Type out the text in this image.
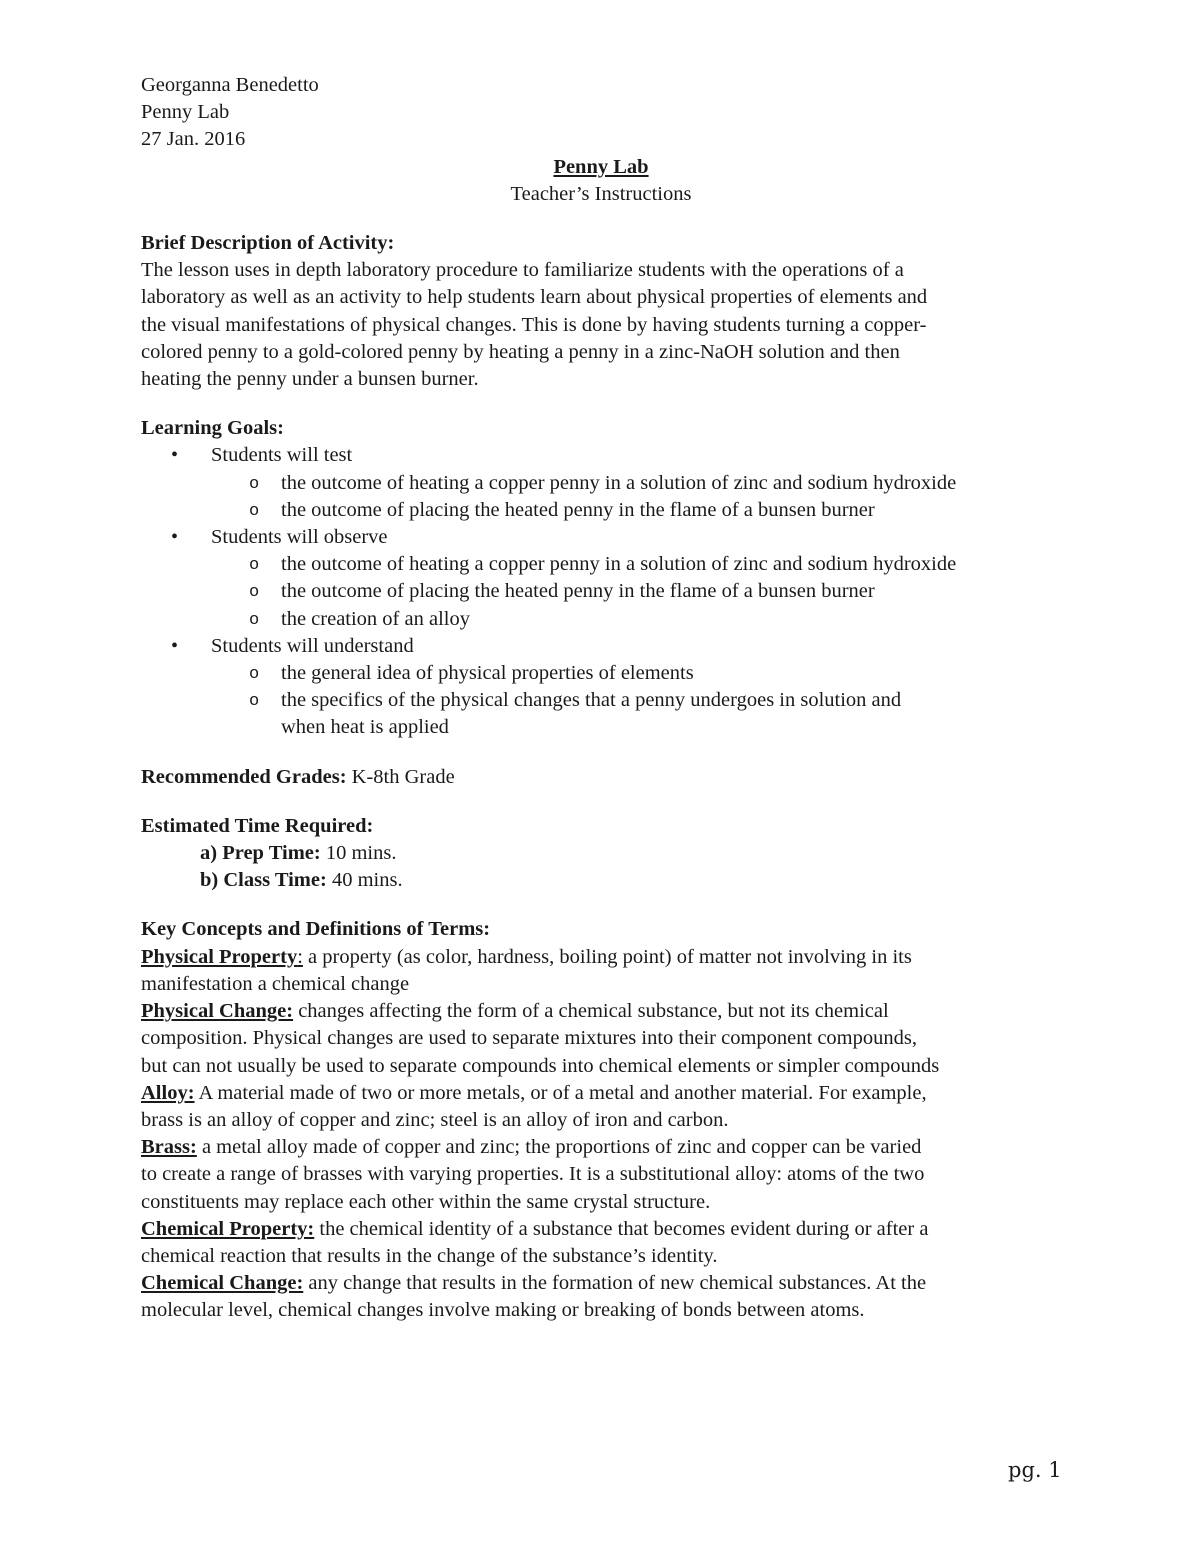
Georganna Benedetto
Penny Lab
27 Jan. 2016
Penny Lab
Teacher’s Instructions
Brief Description of Activity:
The lesson uses in depth laboratory procedure to familiarize students with the operations of a
laboratory as well as an activity to help students learn about physical properties of elements and
the visual manifestations of physical changes. This is done by having students turning a copper-
colored penny to a gold-colored penny by heating a penny in a zinc-NaOH solution and then
heating the penny under a bunsen burner.
Learning Goals:
• Students will test
o the outcome of heating a copper penny in a solution of zinc and sodium hydroxide
o the outcome of placing the heated penny in the flame of a bunsen burner
• Students will observe
o the outcome of heating a copper penny in a solution of zinc and sodium hydroxide
o the outcome of placing the heated penny in the flame of a bunsen burner
o the creation of an alloy
• Students will understand
o the general idea of physical properties of elements
o the specifics of the physical changes that a penny undergoes in solution and when heat is applied
Recommended Grades: K-8th Grade
Estimated Time Required:
a) Prep Time: 10 mins.
b) Class Time: 40 mins.
Key Concepts and Definitions of Terms:
Physical Property: a property (as color, hardness, boiling point) of matter not involving in its
manifestation a chemical change
Physical Change: changes affecting the form of a chemical substance, but not its chemical
composition. Physical changes are used to separate mixtures into their component compounds,
but can not usually be used to separate compounds into chemical elements or simpler compounds
Alloy: A material made of two or more metals, or of a metal and another material. For example,
brass is an alloy of copper and zinc; steel is an alloy of iron and carbon.
Brass: a metal alloy made of copper and zinc; the proportions of zinc and copper can be varied
to create a range of brasses with varying properties. It is a substitutional alloy: atoms of the two
constituents may replace each other within the same crystal structure.
Chemical Property: the chemical identity of a substance that becomes evident during or after a
chemical reaction that results in the change of the substance’s identity.
Chemical Change: any change that results in the formation of new chemical substances. At the
molecular level, chemical changes involve making or breaking of bonds between atoms.
pg. 1
